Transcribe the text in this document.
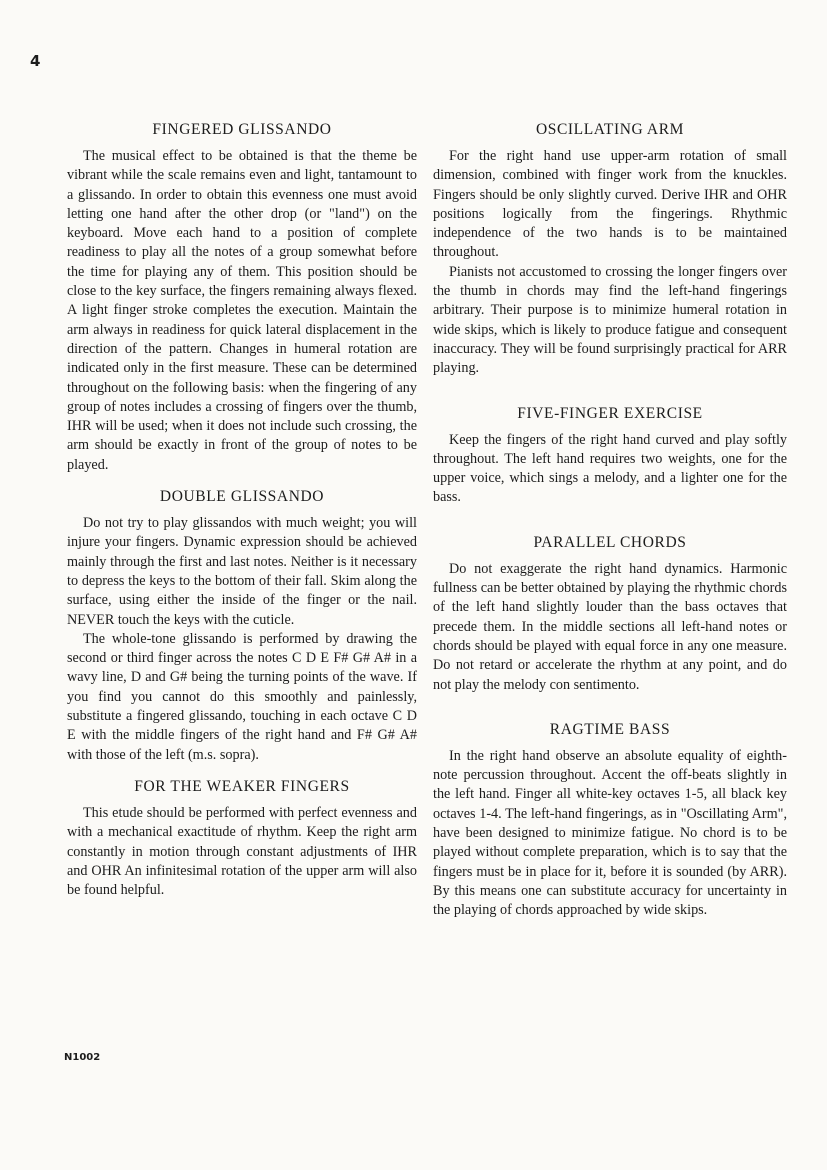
4
FINGERED GLISSANDO

The musical effect to be obtained is that the theme be vibrant while the scale remains even and light, tantamount to a glissando. In order to obtain this evenness one must avoid letting one hand after the other drop (or "land") on the keyboard. Move each hand to a position of complete readiness to play all the notes of a group somewhat before the time for playing any of them. This position should be close to the key surface, the fingers remaining always flexed. A light finger stroke completes the execution. Maintain the arm always in readiness for quick lateral displacement in the direction of the pattern. Changes in humeral rotation are indicated only in the first measure. These can be determined throughout on the following basis: when the fingering of any group of notes includes a crossing of fingers over the thumb, IHR will be used; when it does not include such crossing, the arm should be exactly in front of the group of notes to be played.

DOUBLE GLISSANDO

Do not try to play glissandos with much weight; you will injure your fingers. Dynamic expression should be achieved mainly through the first and last notes. Neither is it necessary to depress the keys to the bottom of their fall. Skim along the surface, using either the inside of the finger or the nail. NEVER touch the keys with the cuticle.

The whole-tone glissando is performed by drawing the second or third finger across the notes C D E F# G# A# in a wavy line, D and G# being the turning points of the wave. If you find you cannot do this smoothly and painlessly, substitute a fingered glissando, touching in each octave C D E with the middle fingers of the right hand and F# G# A# with those of the left (m.s. sopra).

FOR THE WEAKER FINGERS

This etude should be performed with perfect evenness and with a mechanical exactitude of rhythm. Keep the right arm constantly in motion through constant adjustments of IHR and OHR An infinitesimal rotation of the upper arm will also be found helpful.

OSCILLATING ARM

For the right hand use upper-arm rotation of small dimension, combined with finger work from the knuckles. Fingers should be only slightly curved. Derive IHR and OHR positions logically from the fingerings. Rhythmic independence of the two hands is to be maintained throughout.

Pianists not accustomed to crossing the longer fingers over the thumb in chords may find the left-hand fingerings arbitrary. Their purpose is to minimize humeral rotation in wide skips, which is likely to produce fatigue and consequent inaccuracy. They will be found surprisingly practical for ARR playing.

FIVE-FINGER EXERCISE

Keep the fingers of the right hand curved and play softly throughout. The left hand requires two weights, one for the upper voice, which sings a melody, and a lighter one for the bass.

PARALLEL CHORDS

Do not exaggerate the right hand dynamics. Harmonic fullness can be better obtained by playing the rhythmic chords of the left hand slightly louder than the bass octaves that precede them. In the middle sections all left-hand notes or chords should be played with equal force in any one measure. Do not retard or accelerate the rhythm at any point, and do not play the melody con sentimento.

RAGTIME BASS

In the right hand observe an absolute equality of eighth-note percussion throughout. Accent the off-beats slightly in the left hand. Finger all white-key octaves 1-5, all black key octaves 1-4. The left-hand fingerings, as in "Oscillating Arm", have been designed to minimize fatigue. No chord is to be played without complete preparation, which is to say that the fingers must be in place for it, before it is sounded (by ARR). By this means one can substitute accuracy for uncertainty in the playing of chords approached by wide skips.

N1002
